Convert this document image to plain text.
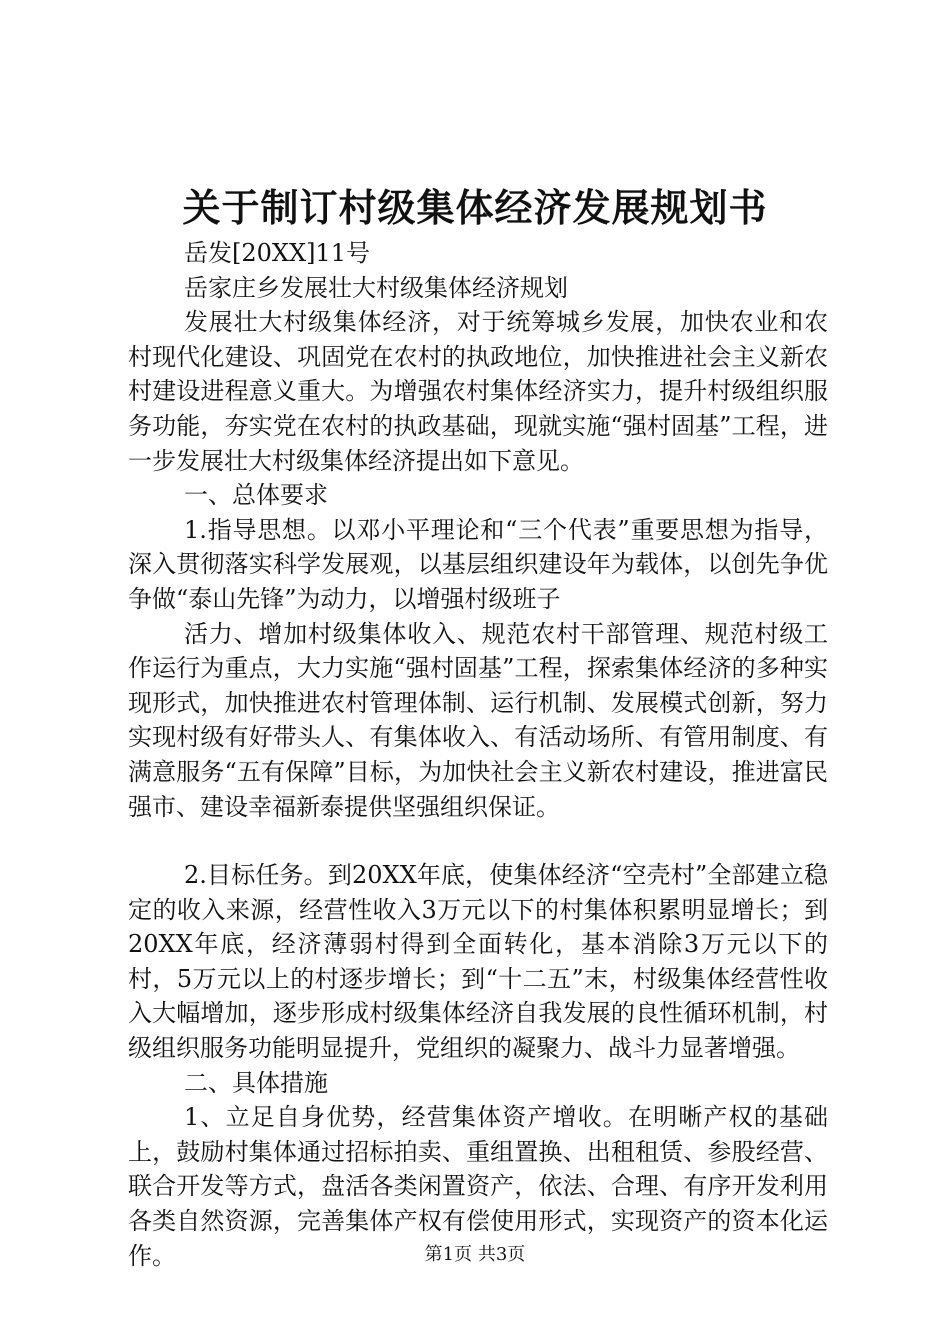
关于制订村级集体经济发展规划书

岳发[20XX]11号

岳家庄乡发展壮大村级集体经济规划

发展壮大村级集体经济，对于统筹城乡发展，加快农业和农村现代化建设、巩固党在农村的执政地位，加快推进社会主义新农村建设进程意义重大。为增强农村集体经济实力，提升村级组织服务功能，夯实党在农村的执政基础，现就实施“强村固基”工程，进一步发展壮大村级集体经济提出如下意见。

一、总体要求

1.指导思想。以邓小平理论和“三个代表”重要思想为指导，深入贯彻落实科学发展观，以基层组织建设年为载体，以创先争优争做“泰山先锋”为动力，以增强村级班子

活力、增加村级集体收入、规范农村干部管理、规范村级工作运行为重点，大力实施“强村固基”工程，探索集体经济的多种实现形式，加快推进农村管理体制、运行机制、发展模式创新，努力实现村级有好带头人、有集体收入、有活动场所、有管用制度、有满意服务“五有保障”目标，为加快社会主义新农村建设，推进富民强市、建设幸福新泰提供坚强组织保证。

2.目标任务。到20XX年底，使集体经济“空壳村”全部建立稳定的收入来源，经营性收入3万元以下的村集体积累明显增长；到20XX年底，经济薄弱村得到全面转化，基本消除3万元以下的村，5万元以上的村逐步增长；到“十二五”末，村级集体经营性收入大幅增加，逐步形成村级集体经济自我发展的良性循环机制，村级组织服务功能明显提升，党组织的凝聚力、战斗力显著增强。

二、具体措施

1、立足自身优势，经营集体资产增收。在明晰产权的基础上，鼓励村集体通过招标拍卖、重组置换、出租租赁、参股经营、联合开发等方式，盘活各类闲置资产，依法、合理、有序开发利用各类自然资源，完善集体产权有偿使用形式，实现资产的资本化运作。	第1页 共3页
